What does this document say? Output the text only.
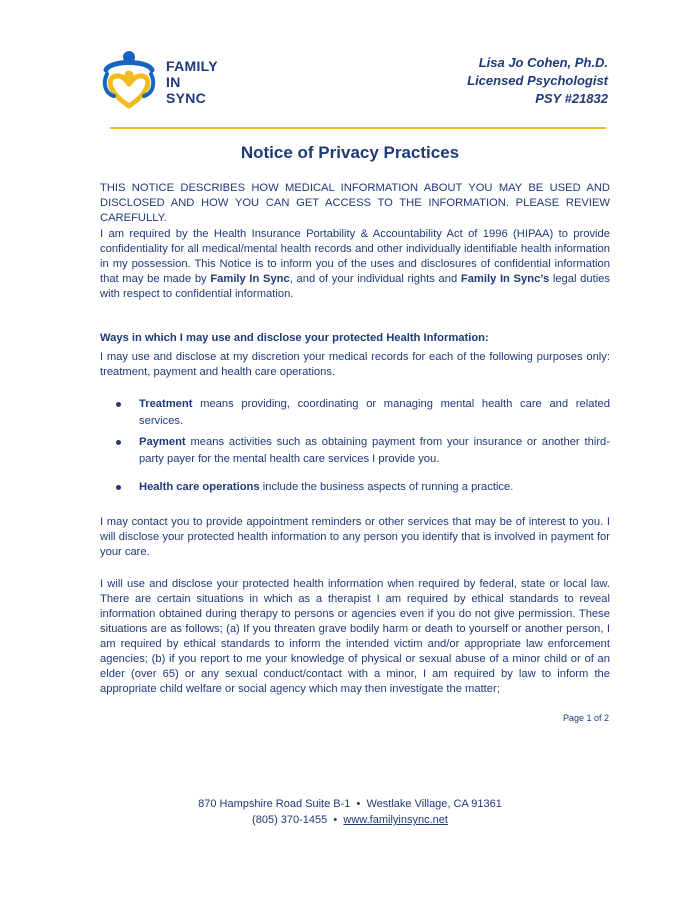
FAMILY
IN
SYNC
Lisa Jo Cohen, Ph.D.
Licensed Psychologist
PSY #21832
Notice of Privacy Practices
THIS NOTICE DESCRIBES HOW MEDICAL INFORMATION ABOUT YOU MAY BE USED AND DISCLOSED AND HOW YOU CAN GET ACCESS TO THE INFORMATION. PLEASE REVIEW CAREFULLY.
I am required by the Health Insurance Portability & Accountability Act of 1996 (HIPAA) to provide confidentiality for all medical/mental health records and other individually identifiable health information in my possession. This Notice is to inform you of the uses and disclosures of confidential information that may be made by Family In Sync, and of your individual rights and Family In Sync’s legal duties with respect to confidential information.
Ways in which I may use and disclose your protected Health Information:
I may use and disclose at my discretion your medical records for each of the following purposes only: treatment, payment and health care operations.
Treatment means providing, coordinating or managing mental health care and related services.
Payment means activities such as obtaining payment from your insurance or another third-party payer for the mental health care services I provide you.
Health care operations include the business aspects of running a practice.
I may contact you to provide appointment reminders or other services that may be of interest to you. I will disclose your protected health information to any person you identify that is involved in payment for your care.
I will use and disclose your protected health information when required by federal, state or local law. There are certain situations in which as a therapist I am required by ethical standards to reveal information obtained during therapy to persons or agencies even if you do not give permission. These situations are as follows; (a) If you threaten grave bodily harm or death to yourself or another person, I am required by ethical standards to inform the intended victim and/or appropriate law enforcement agencies; (b) if you report to me your knowledge of physical or sexual abuse of a minor child or of an elder (over 65) or any sexual conduct/contact with a minor, I am required by law to inform the appropriate child welfare or social agency which may then investigate the matter;
Page 1 of 2
870 Hampshire Road Suite B-1 • Westlake Village, CA 91361
(805) 370-1455 • www.familyinsync.net
